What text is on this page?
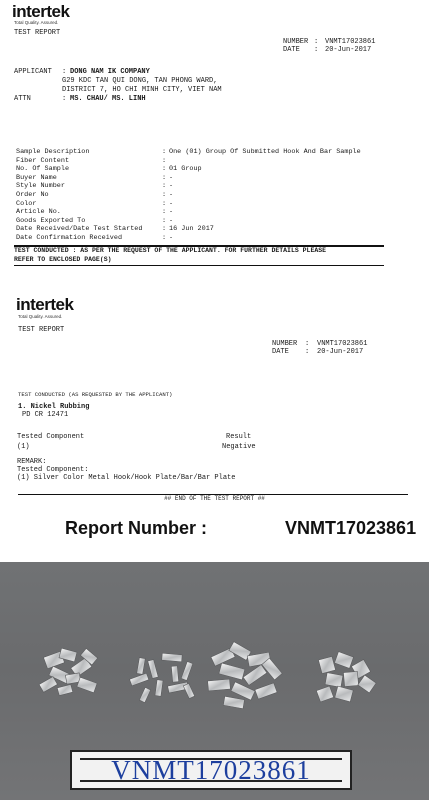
intertek
Total Quality. Assured.
TEST REPORT
NUMBER : VNMT17023861
DATE : 20-Jun-2017
APPLICANT : DONG NAM IK COMPANY
G29 KDC TAN QUI DONG, TAN PHONG WARD,
DISTRICT 7, HO CHI MINH CITY, VIET NAM
ATTN	: MS. CHAU/ MS. LINH
Sample Description	: One (01) Group Of Submitted Hook And Bar Sample
Fiber Content	:
No. Of Sample	: 01 Group
Buyer Name	: -
Style Number	: -
Order No	: -
Color	: -
Article No.	: -
Goods Exported To	: -
Date Received/Date Test Started	: 16 Jun 2017
Date Confirmation Received	: -
TEST CONDUCTED : AS PER THE REQUEST OF THE APPLICANT. FOR FURTHER DETAILS PLEASE
REFER TO ENCLOSED PAGE(S)
intertek
Total Quality. Assured.
TEST REPORT
NUMBER : VNMT17023861
DATE : 20-Jun-2017
TEST CONDUCTED (AS REQUESTED BY THE APPLICANT)
1. Nickel Rubbing
PD CR 12471
Tested Component	Result
(1)	Negative
REMARK:
Tested Component:
(1) Silver Color Metal Hook/Hook Plate/Bar/Bar Plate
## END OF THE TEST REPORT ##
Report Number :	VNMT17023861
VNMT17023861
